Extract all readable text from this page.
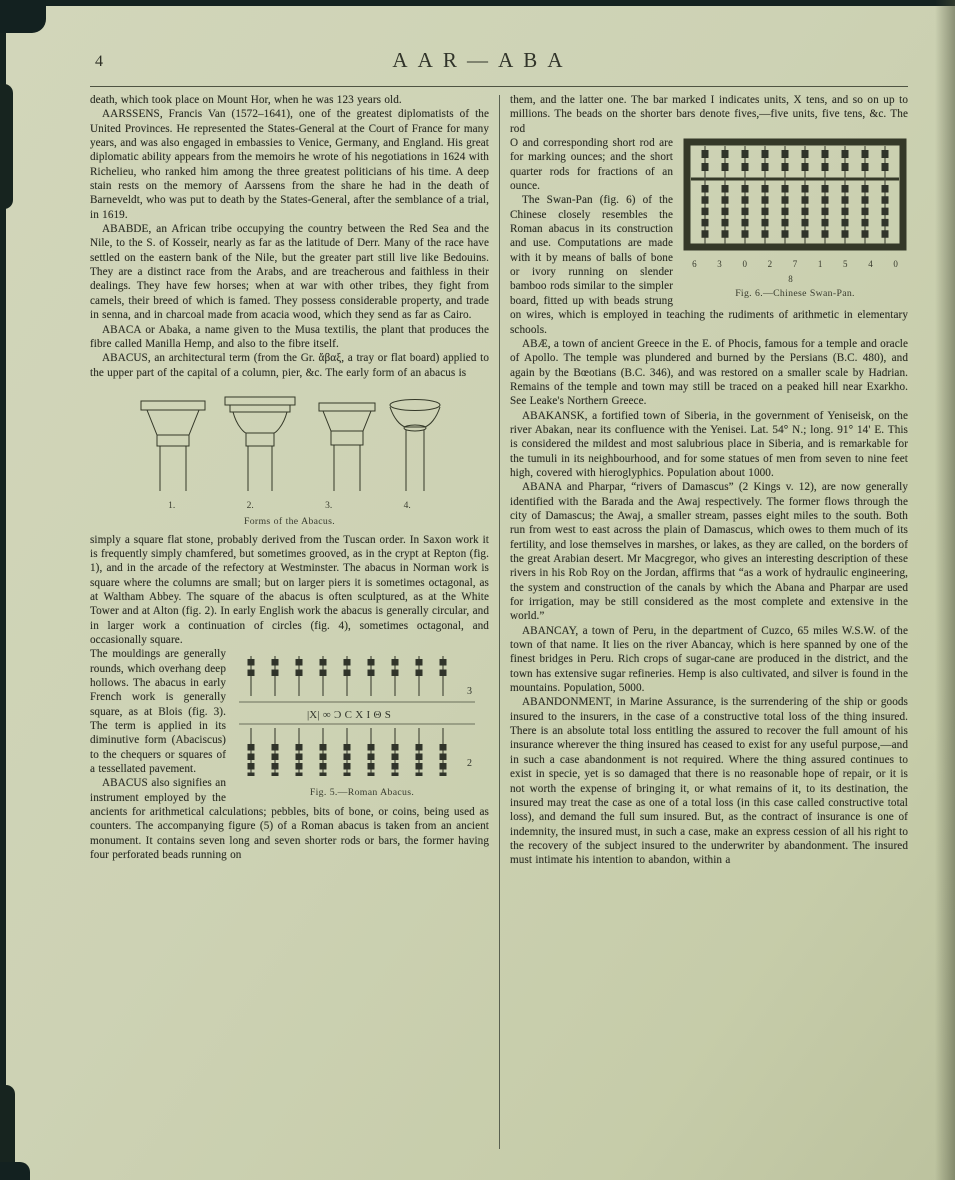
4	AAR—ABA

death, which took place on Mount Hor, when he was 123 years old.

AARSSENS, Francis Van (1572–1641), one of the greatest diplomatists of the United Provinces. He represented the States-General at the Court of France for many years, and was also engaged in embassies to Venice, Germany, and England. His great diplomatic ability appears from the memoirs he wrote of his negotiations in 1624 with Richelieu, who ranked him among the three greatest politicians of his time. A deep stain rests on the memory of Aarssens from the share he had in the death of Barneveldt, who was put to death by the States-General, after the semblance of a trial, in 1619.

ABABDE, an African tribe occupying the country between the Red Sea and the Nile, to the S. of Kosseir, nearly as far as the latitude of Derr. Many of the race have settled on the eastern bank of the Nile, but the greater part still live like Bedouins. They are a distinct race from the Arabs, and are treacherous and faithless in their dealings. They have few horses; when at war with other tribes, they fight from camels, their breed of which is famed. They possess considerable property, and trade in senna, and in charcoal made from acacia wood, which they send as far as Cairo.

ABACA or Abaka, a name given to the Musa textilis, the plant that produces the fibre called Manilla Hemp, and also to the fibre itself.

ABACUS, an architectural term (from the Gr. ἄβαξ, a tray or flat board) applied to the upper part of the capital of a column, pier, &c. The early form of an abacus is

1.	2.	3.	4.
Forms of the Abacus.

simply a square flat stone, probably derived from the Tuscan order. In Saxon work it is frequently simply chamfered, but sometimes grooved, as in the crypt at Repton (fig. 1), and in the arcade of the refectory at Westminster. The abacus in Norman work is square where the columns are small; but on larger piers it is sometimes octagonal, as at Waltham Abbey. The square of the abacus is often sculptured, as at the White Tower and at Alton (fig. 2). In early English work the abacus is generally circular, and in larger work a continuation of circles (fig. 4), sometimes octagonal, and occasionally square.

|X| ∞ Ɔ C X I Θ S
3
2
Fig. 5.—Roman Abacus.

The mouldings are generally rounds, which overhang deep hollows. The abacus in early French work is generally square, as at Blois (fig. 3). The term is applied in its diminutive form (Abaciscus) to the chequers or squares of a tessellated pavement.

ABACUS also signifies an instrument employed by the ancients for arithmetical calculations; pebbles, bits of bone, or coins, being used as counters. The accompanying figure (5) of a Roman abacus is taken from an ancient monument. It contains seven long and seven shorter rods or bars, the former having four perforated beads running on

them, and the latter one. The bar marked I indicates units, X tens, and so on up to millions. The beads on the shorter bars denote fives,—five units, five tens, &c. The rod

6 3 0 2 7 1 5 4 0 8
Fig. 6.—Chinese Swan-Pan.

O and corresponding short rod are for marking ounces; and the short quarter rods for fractions of an ounce.

The Swan-Pan (fig. 6) of the Chinese closely resembles the Roman abacus in its construction and use. Computations are made with it by means of balls of bone or ivory running on slender bamboo rods similar to the simpler board, fitted up with beads strung on wires, which is employed in teaching the rudiments of arithmetic in elementary schools.

ABÆ, a town of ancient Greece in the E. of Phocis, famous for a temple and oracle of Apollo. The temple was plundered and burned by the Persians (B.C. 480), and again by the Bœotians (B.C. 346), and was restored on a smaller scale by Hadrian. Remains of the temple and town may still be traced on a peaked hill near Exarkho. See Leake's Northern Greece.

ABAKANSK, a fortified town of Siberia, in the government of Yeniseisk, on the river Abakan, near its confluence with the Yenisei. Lat. 54° N.; long. 91° 14' E. This is considered the mildest and most salubrious place in Siberia, and is remarkable for the tumuli in its neighbourhood, and for some statues of men from seven to nine feet high, covered with hieroglyphics. Population about 1000.

ABANA and Pharpar, “rivers of Damascus” (2 Kings v. 12), are now generally identified with the Barada and the Awaj respectively. The former flows through the city of Damascus; the Awaj, a smaller stream, passes eight miles to the south. Both run from west to east across the plain of Damascus, which owes to them much of its fertility, and lose themselves in marshes, or lakes, as they are called, on the borders of the great Arabian desert. Mr Macgregor, who gives an interesting description of these rivers in his Rob Roy on the Jordan, affirms that “as a work of hydraulic engineering, the system and construction of the canals by which the Abana and Pharpar are used for irrigation, may be still considered as the most complete and extensive in the world.”

ABANCAY, a town of Peru, in the department of Cuzco, 65 miles W.S.W. of the town of that name. It lies on the river Abancay, which is here spanned by one of the finest bridges in Peru. Rich crops of sugar-cane are produced in the district, and the town has extensive sugar refineries. Hemp is also cultivated, and silver is found in the mountains. Population, 5000.

ABANDONMENT, in Marine Assurance, is the surrendering of the ship or goods insured to the insurers, in the case of a constructive total loss of the thing insured. There is an absolute total loss entitling the assured to recover the full amount of his insurance wherever the thing insured has ceased to exist for any useful purpose,—and in such a case abandonment is not required. Where the thing assured continues to exist in specie, yet is so damaged that there is no reasonable hope of repair, or it is not worth the expense of bringing it, or what remains of it, to its destination, the insured may treat the case as one of a total loss (in this case called constructive total loss), and demand the full sum insured. But, as the contract of insurance is one of indemnity, the insured must, in such a case, make an express cession of all his right to the recovery of the subject insured to the underwriter by abandonment. The insured must intimate his intention to abandon, within a
